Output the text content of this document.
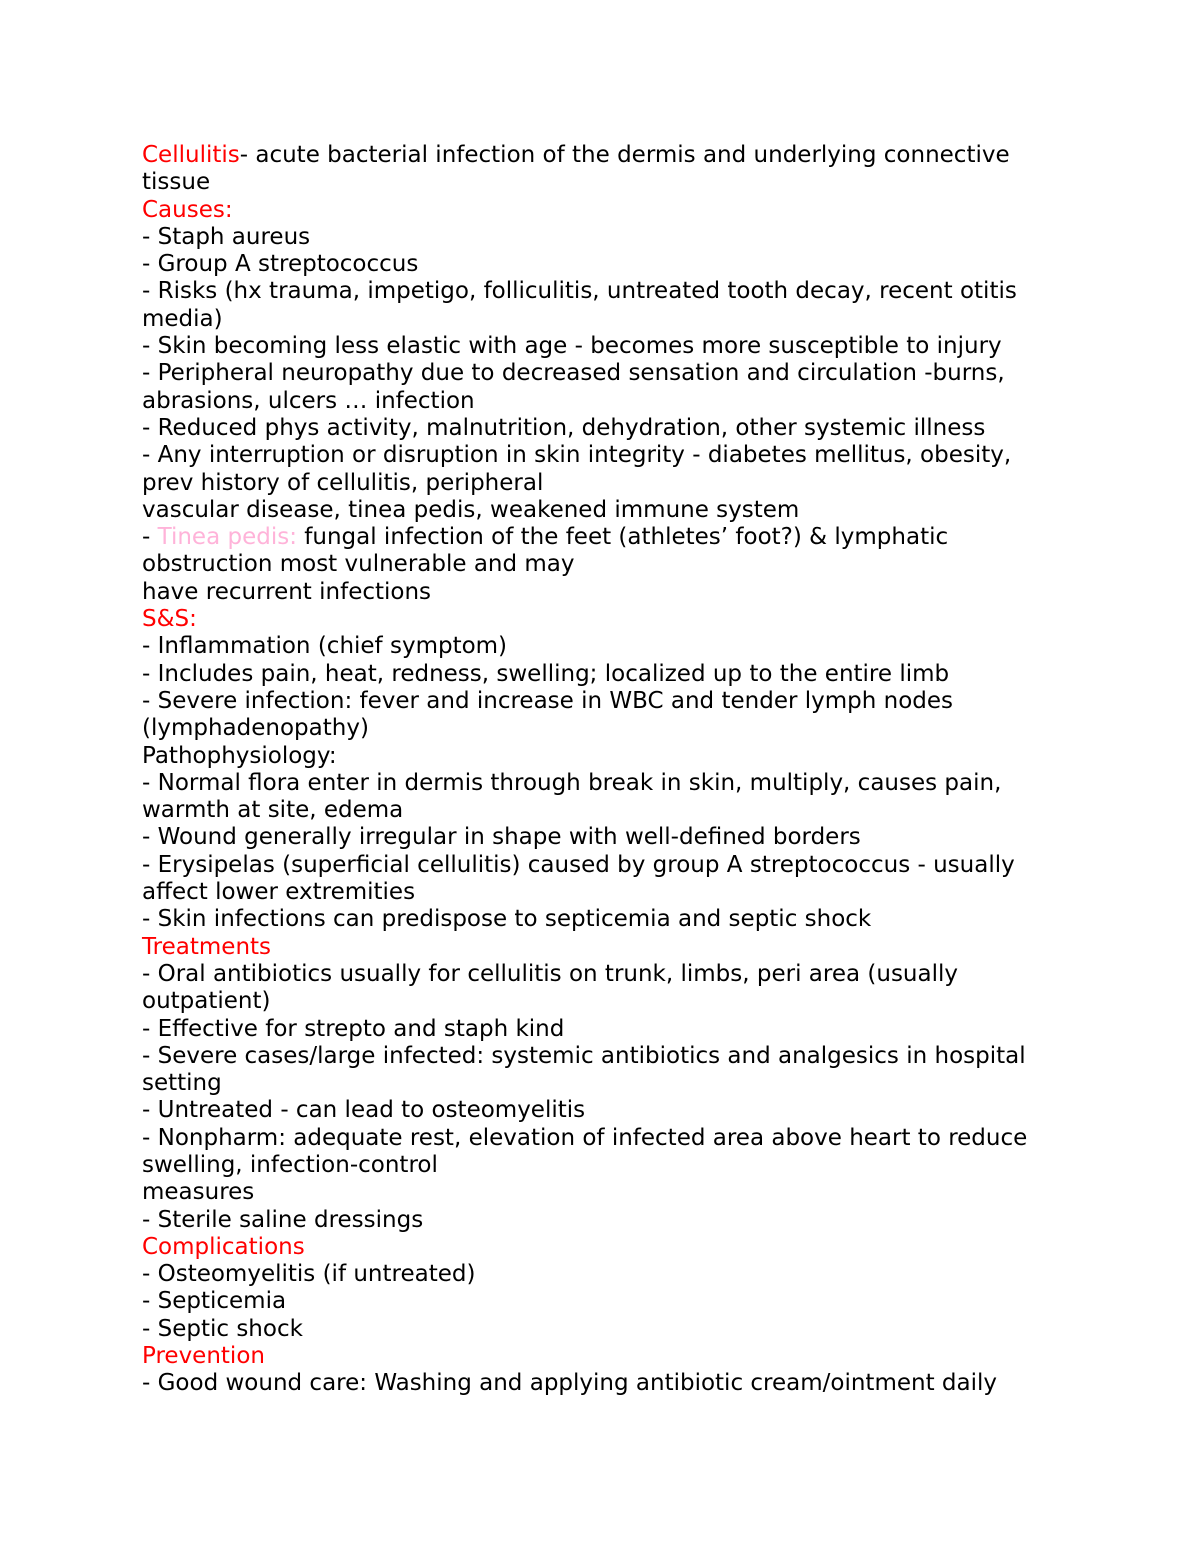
Cellulitis- acute bacterial infection of the dermis and underlying connective
tissue
Causes:
- Staph aureus
- Group A streptococcus
- Risks (hx trauma, impetigo, folliculitis, untreated tooth decay, recent otitis
media)
- Skin becoming less elastic with age - becomes more susceptible to injury
- Peripheral neuropathy due to decreased sensation and circulation -burns,
abrasions, ulcers … infection
- Reduced phys activity, malnutrition, dehydration, other systemic illness
- Any interruption or disruption in skin integrity - diabetes mellitus, obesity,
prev history of cellulitis, peripheral
vascular disease, tinea pedis, weakened immune system
- Tinea pedis: fungal infection of the feet (athletes’ foot?) & lymphatic
obstruction most vulnerable and may
have recurrent infections
S&S:
- Inflammation (chief symptom)
- Includes pain, heat, redness, swelling; localized up to the entire limb
- Severe infection: fever and increase in WBC and tender lymph nodes
(lymphadenopathy)
Pathophysiology:
- Normal flora enter in dermis through break in skin, multiply, causes pain,
warmth at site, edema
- Wound generally irregular in shape with well-defined borders
- Erysipelas (superficial cellulitis) caused by group A streptococcus - usually
affect lower extremities
- Skin infections can predispose to septicemia and septic shock
Treatments
- Oral antibiotics usually for cellulitis on trunk, limbs, peri area (usually
outpatient)
- Effective for strepto and staph kind
- Severe cases/large infected: systemic antibiotics and analgesics in hospital
setting
- Untreated - can lead to osteomyelitis
- Nonpharm: adequate rest, elevation of infected area above heart to reduce
swelling, infection-control
measures
- Sterile saline dressings
Complications
- Osteomyelitis (if untreated)
- Septicemia
- Septic shock
Prevention
- Good wound care: Washing and applying antibiotic cream/ointment daily
